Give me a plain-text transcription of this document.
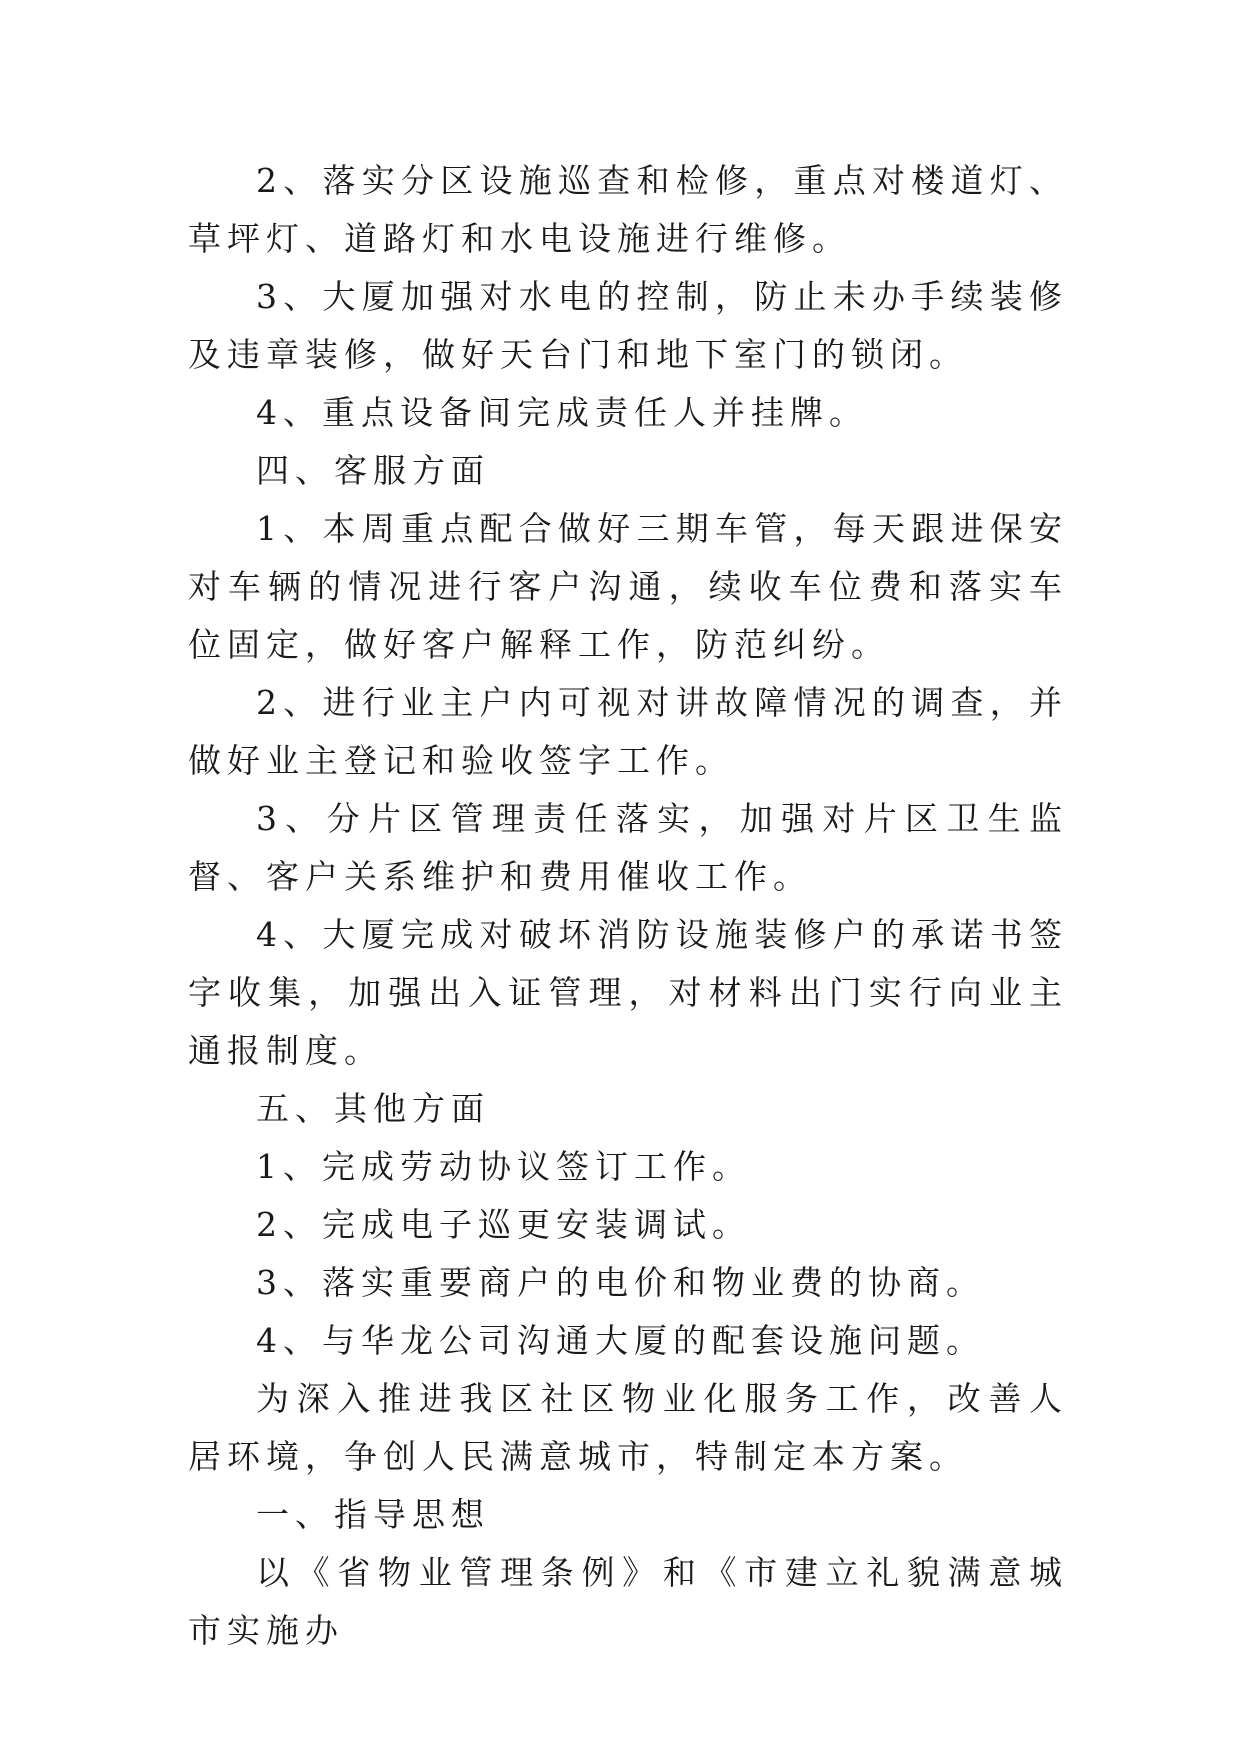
2、落实分区设施巡查和检修，重点对楼道灯、草坪灯、道路灯和水电设施进行维修。

3、大厦加强对水电的控制，防止未办手续装修及违章装修，做好天台门和地下室门的锁闭。

4、重点设备间完成责任人并挂牌。

四、客服方面

1、本周重点配合做好三期车管，每天跟进保安对车辆的情况进行客户沟通，续收车位费和落实车位固定，做好客户解释工作，防范纠纷。

2、进行业主户内可视对讲故障情况的调查，并做好业主登记和验收签字工作。

3、分片区管理责任落实，加强对片区卫生监督、客户关系维护和费用催收工作。

4、大厦完成对破坏消防设施装修户的承诺书签字收集，加强出入证管理，对材料出门实行向业主通报制度。

五、其他方面

1、完成劳动协议签订工作。

2、完成电子巡更安装调试。

3、落实重要商户的电价和物业费的协商。

4、与华龙公司沟通大厦的配套设施问题。

为深入推进我区社区物业化服务工作，改善人居环境，争创人民满意城市，特制定本方案。

一、指导思想

以《省物业管理条例》和《市建立礼貌满意城市实施办
